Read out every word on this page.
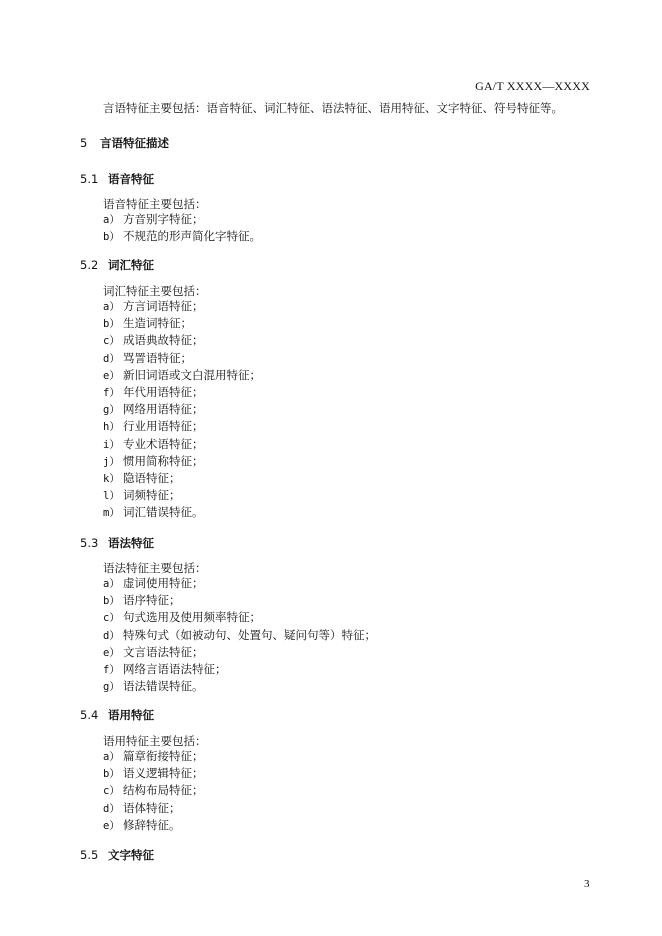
GA/T XXXX—XXXX
言语特征主要包括：语音特征、词汇特征、语法特征、语用特征、文字特征、符号特征等。
5 言语特征描述
5.1 语音特征
语音特征主要包括：
a） 方音别字特征；
b） 不规范的形声简化字特征。
5.2 词汇特征
词汇特征主要包括：
a） 方言词语特征；
b） 生造词特征；
c） 成语典故特征；
d） 骂詈语特征；
e） 新旧词语或文白混用特征；
f） 年代用语特征；
g） 网络用语特征；
h） 行业用语特征；
i） 专业术语特征；
j） 惯用简称特征；
k） 隐语特征；
l） 词频特征；
m） 词汇错误特征。
5.3 语法特征
语法特征主要包括：
a） 虚词使用特征；
b） 语序特征；
c） 句式选用及使用频率特征；
d） 特殊句式（如被动句、处置句、疑问句等）特征；
e） 文言语法特征；
f） 网络言语语法特征；
g） 语法错误特征。
5.4 语用特征
语用特征主要包括：
a） 篇章衔接特征；
b） 语义逻辑特征；
c） 结构布局特征；
d） 语体特征；
e） 修辞特征。
5.5 文字特征
3
